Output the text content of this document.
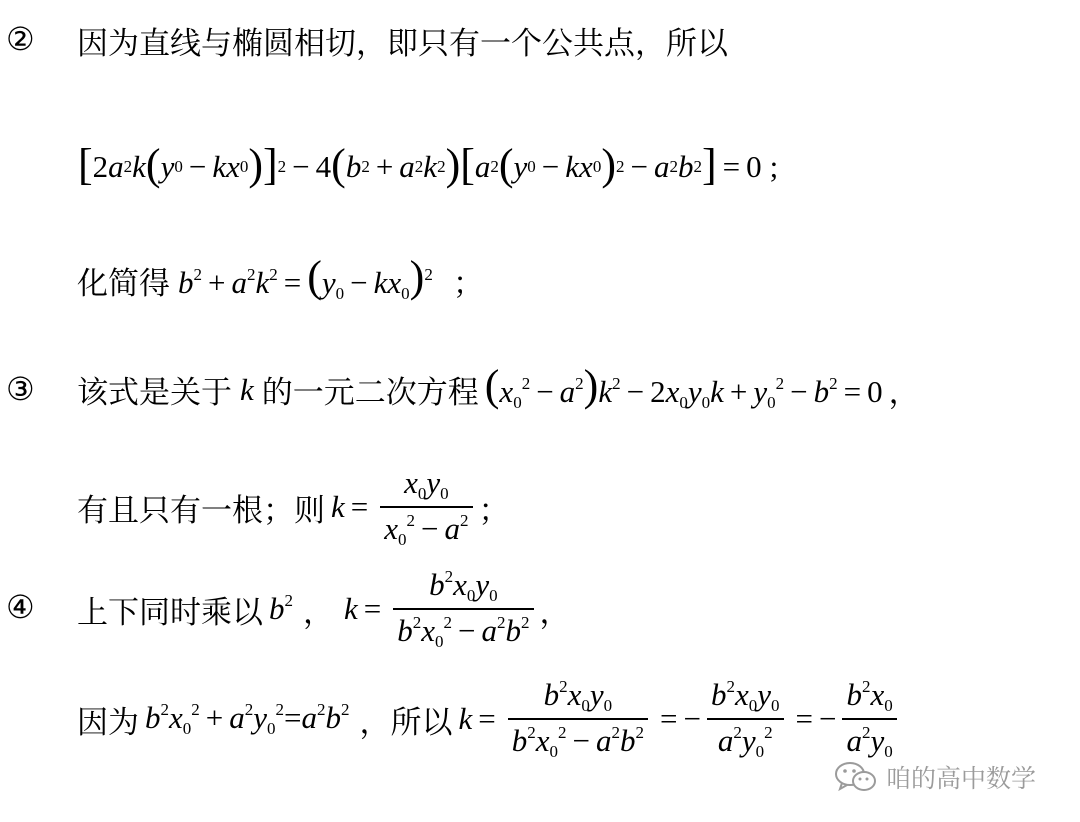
② 因为直线与椭圆相切，即只有一个公共点，所以
[ 2 a 2 k ( y 0 − kx 0 ) ] 2 − 4 ( b 2 + a 2 k 2 ) [ a 2 ( y 0 − kx 0 ) 2 − a 2 b 2 ] = 0 ;
化简得 $b^2 + a^2k^2 = (y_0 - kx_0)^2$ ；
③ 该式是关于 k 的一元二次方程 $(x_0^2 - a^2)k^2 - 2x_0y_0k + y_0^2 - b^2 = 0$ ，
有且只有一根；则 $k = \frac{x_0y_0}{x_0^2 - a^2}$ ；
④ 上下同时乘以 $b^2$ ， $k = \frac{b^2x_0y_0}{b^2x_0^2 - a^2b^2}$ ，
因为 $b^2x_0^2 + a^2y_0^2=a^2b^2$ ，所以 $k = \frac{b^2x_0y_0}{b^2x_0^2 - a^2b^2}$ = − $\frac{b^2x_0y_0}{a^2y_0^2}$ = − $\frac{b^2x_0}{a^2y_0}$
咱的高中数学
